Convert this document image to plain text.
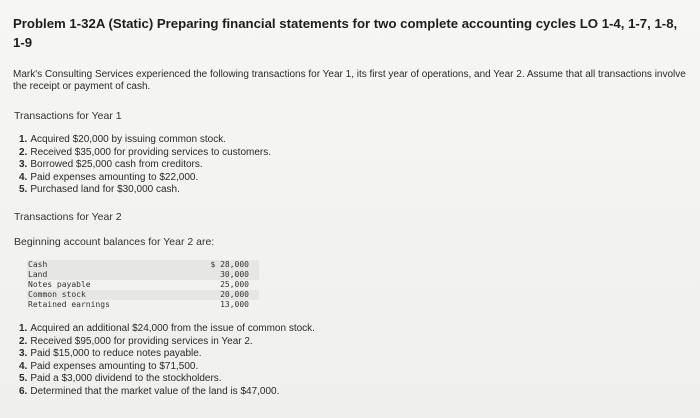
Problem 1-32A (Static) Preparing financial statements for two complete accounting cycles LO 1-4, 1-7, 1-8, 1-9
Mark's Consulting Services experienced the following transactions for Year 1, its first year of operations, and Year 2. Assume that all transactions involve the receipt or payment of cash.
Transactions for Year 1
1. Acquired $20,000 by issuing common stock.
2. Received $35,000 for providing services to customers.
3. Borrowed $25,000 cash from creditors.
4. Paid expenses amounting to $22,000.
5. Purchased land for $30,000 cash.
Transactions for Year 2
Beginning account balances for Year 2 are:
Cash	$ 28,000
Land	30,000
Notes payable	25,000
Common stock	20,000
Retained earnings	13,000
1. Acquired an additional $24,000 from the issue of common stock.
2. Received $95,000 for providing services in Year 2.
3. Paid $15,000 to reduce notes payable.
4. Paid expenses amounting to $71,500.
5. Paid a $3,000 dividend to the stockholders.
6. Determined that the market value of the land is $47,000.
